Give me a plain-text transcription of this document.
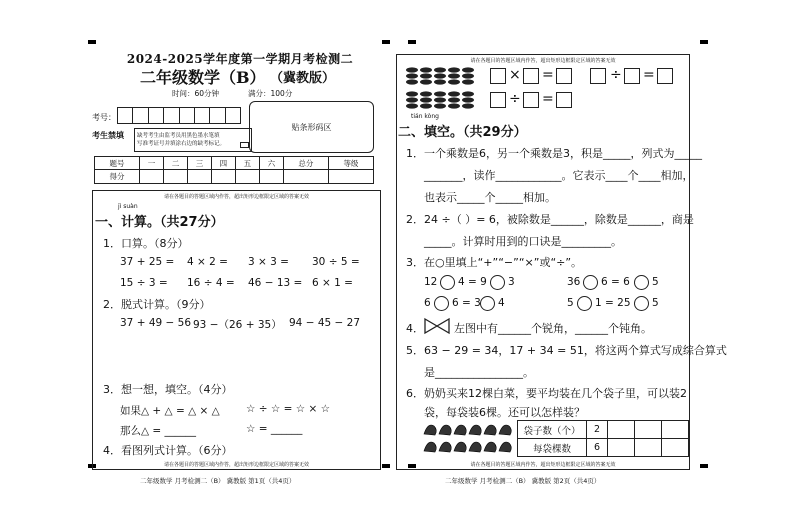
2024-2025学年度第一学期月考检测二
二年级数学（B） （冀教版）
时间：60分钟	满分：100分
考号：
考生禁填	缺考考生由监考员用黑色墨水笔填
写准考证号并填涂右边的缺考标记。
贴条形码区
题号	一	二	三	四	五	六	总分	等级
得分								
请在各题目的答题区域内作答，超出矩形边框限定区域的答案无效
jì suàn
一、计算。（共27分）
1．口算。（8分）
37 + 25 = 4 × 2 = 3 × 3 = 30 ÷ 5 =
15 ÷ 3 = 16 ÷ 4 = 46 − 13 = 6 × 1 =
2．脱式计算。（9分）
37 + 49 − 56 93 −（26 + 35） 94 − 45 − 27
3．想一想，填空。（4分）
如果△ + △ = △ × △	☆ ÷ ☆ = ☆ × ☆
那么△ = ______	☆ = ______
4．看图列式计算。（6分）
请在各题目的答题区域内作答，超出矩形边框限定区域的答案无效
二年级数学 月考检测二（B） 冀教版 第1页（共4页）
请在各题目的答题区域内作答，超出矩形边框限定区域的答案无效
× =	÷ =
÷ =
tián kòng
二、填空。（共29分）
1．一个乘数是6，另一个乘数是3，积是_____，列式为_____
_______，读作____________。它表示____个____相加，
也表示_____个_____相加。
2．24 ÷（ ）= 6，被除数是______，除数是______，商是
_____。计算时用到的口诀是_________。
3．在○里填上“+”“−”“×”或“÷”。
12 4 = 9 3	36 6 = 6 5
6 6 = 3 4	5 1 = 25 5
4．	左图中有______个锐角，______个钝角。
5．63 − 29 = 34，17 + 34 = 51，将这两个算式写成综合算式
是________________。
6．奶奶买来12棵白菜，要平均装在几个袋子里，可以装2
袋，每袋装6棵。还可以怎样装？
袋子数（个）	2			
每袋棵数	6			
请在各题目的答题区域内作答，超出矩形边框限定区域的答案无效
二年级数学 月考检测二（B） 冀教版 第2页（共4页）
